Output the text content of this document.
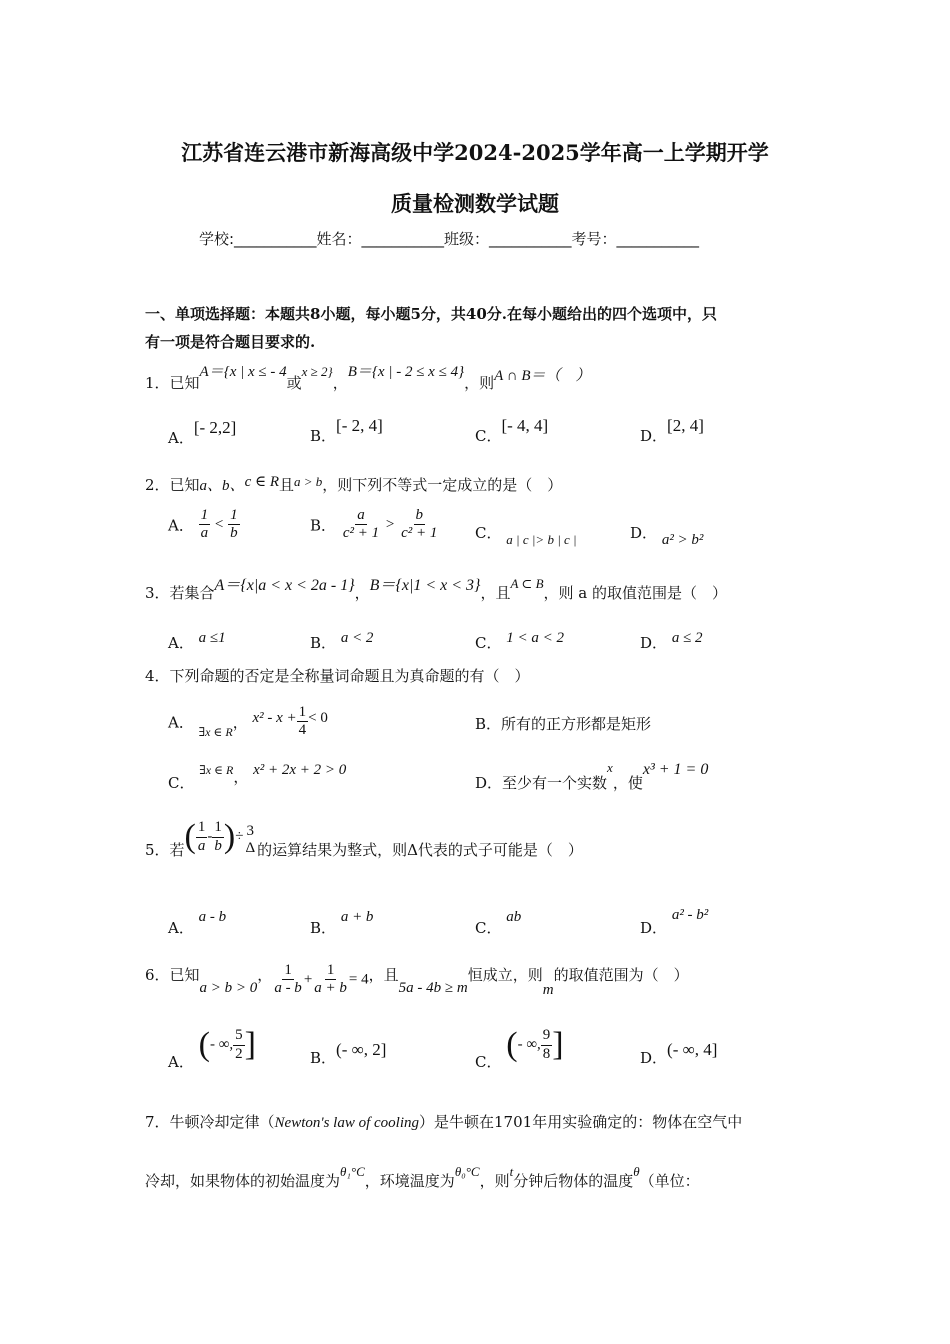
江苏省连云港市新海高级中学2024-2025学年高一上学期开学
质量检测数学试题
学校:___________姓名：___________班级：___________考号：___________
一、单项选择题：本题共8小题，每小题5分，共40分.在每小题给出的四个选项中，只
有一项是符合题目要求的.
1．已知A＝{x | x ≤ - 4或x ≥ 2}，B＝{x | - 2 ≤ x ≤ 4}，则A ∩ B＝（　）
A．[- 2,2]	B．[- 2, 4]
C．[- 4, 4]
D．[2, 4]
2．已知a、b、c ∈ R且a > b，则下列不等式一定成立的是（　）
A． $\frac{1}{a} < \frac{1}{b}$	B． $\frac{a}{\text{c² + 1}} > \frac{b}{\text{c² + 1}}$ C． a | c |> b | c |	D． a² > b²
3．若集合A＝{x|a < x < 2a - 1}，B＝{x|1 < x < 3}，且A ⊂ B，则 a 的取值范围是（　）
A． a ≤1	B． a < 2	C． 1 < a < 2	D． a ≤ 2
4．下列命题的否定是全称量词命题且为真命题的有（　）
A． $_{\exists x \in R}$， $x^2 - x + \frac{1}{4} < 0$	B．所有的正方形都是矩形
C． ∃x ∈ R， x² + 2x + 2 > 0
D．至少有一个实数x，使x³ + 1 = 0
5．若( $\frac{1}{a} - \frac{1}{b}$ )÷ 3
Δ 的运算结果为整式，则Δ代表的式子可能是（　）
A． a - b
B． a + b
C． ab
D． a² - b²
6．已知a > b > 0， $\frac{1}{a - b} + \frac{1}{a + b} = 4$，且5a - 4b ≥ m恒成立，则m的取值范围为（　）
A． (- ∞, $\frac{5}{2}$ ]	B．(- ∞, 2]
C． (- ∞, $\frac{9}{8}$ ]	D．(- ∞, 4]
7．牛顿冷却定律（Newton's law of cooling）是牛顿在1701年用实验确定的：物体在空气中
冷却，如果物体的初始温度为θ₁°C，环境温度为θ₀°C，则t分钟后物体的温度θ（单位：
